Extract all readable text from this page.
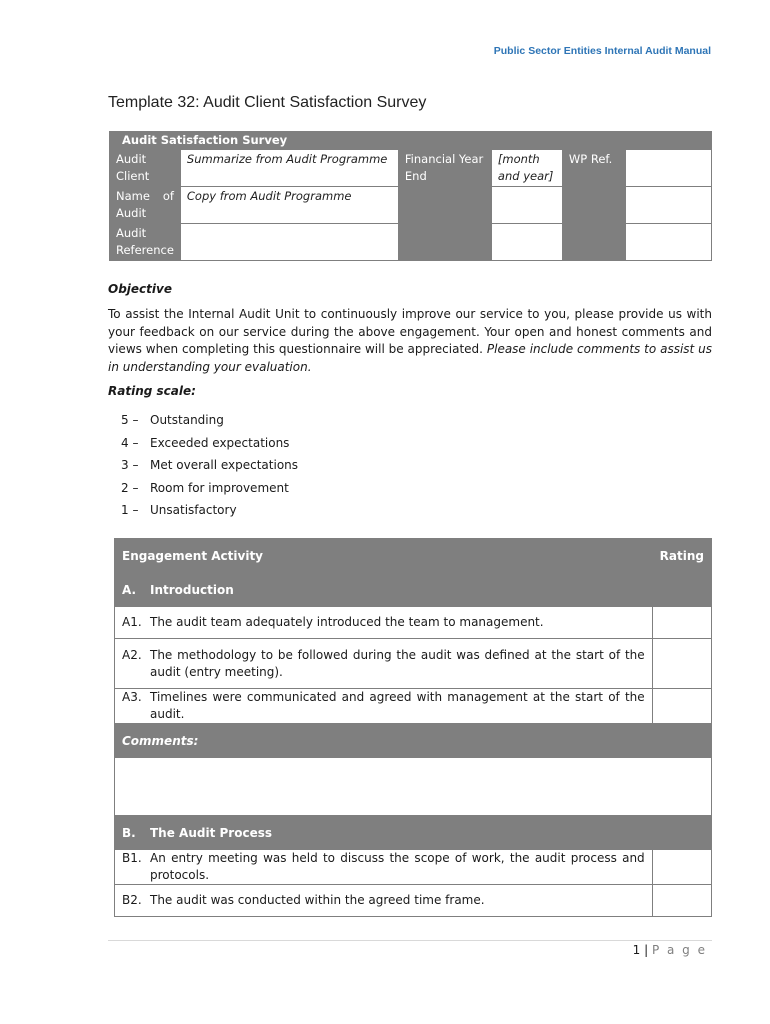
Public Sector Entities Internal Audit Manual
Template 32: Audit Client Satisfaction Survey
Audit Satisfaction Survey					
Audit Client	Summarize from Audit Programme	Financial Year End	[month and year]	WP Ref.	

Name of Audit	Copy from Audit Programme				
Audit Reference					
Objective
To assist the Internal Audit Unit to continuously improve our service to you, please provide us with your feedback on our service during the above engagement. Your open and honest comments and views when completing this questionnaire will be appreciated. Please include comments to assist us in understanding your evaluation.
Rating scale:
5 – Outstanding
4 – Exceeded expectations
3 – Met overall expectations
2 – Room for improvement
1 – Unsatisfactory
Engagement Activity	Rating
A. Introduction	

A1. The audit team adequately introduced the team to management.	

A2. The methodology to be followed during the audit was defined at the start of the audit (entry meeting).	

A3. Timelines were communicated and agreed with management at the start of the audit.	

Comments:	

B. The Audit Process	

B1. An entry meeting was held to discuss the scope of work, the audit process and protocols.	

B2. The audit was conducted within the agreed time frame.	

1 | P a g e
